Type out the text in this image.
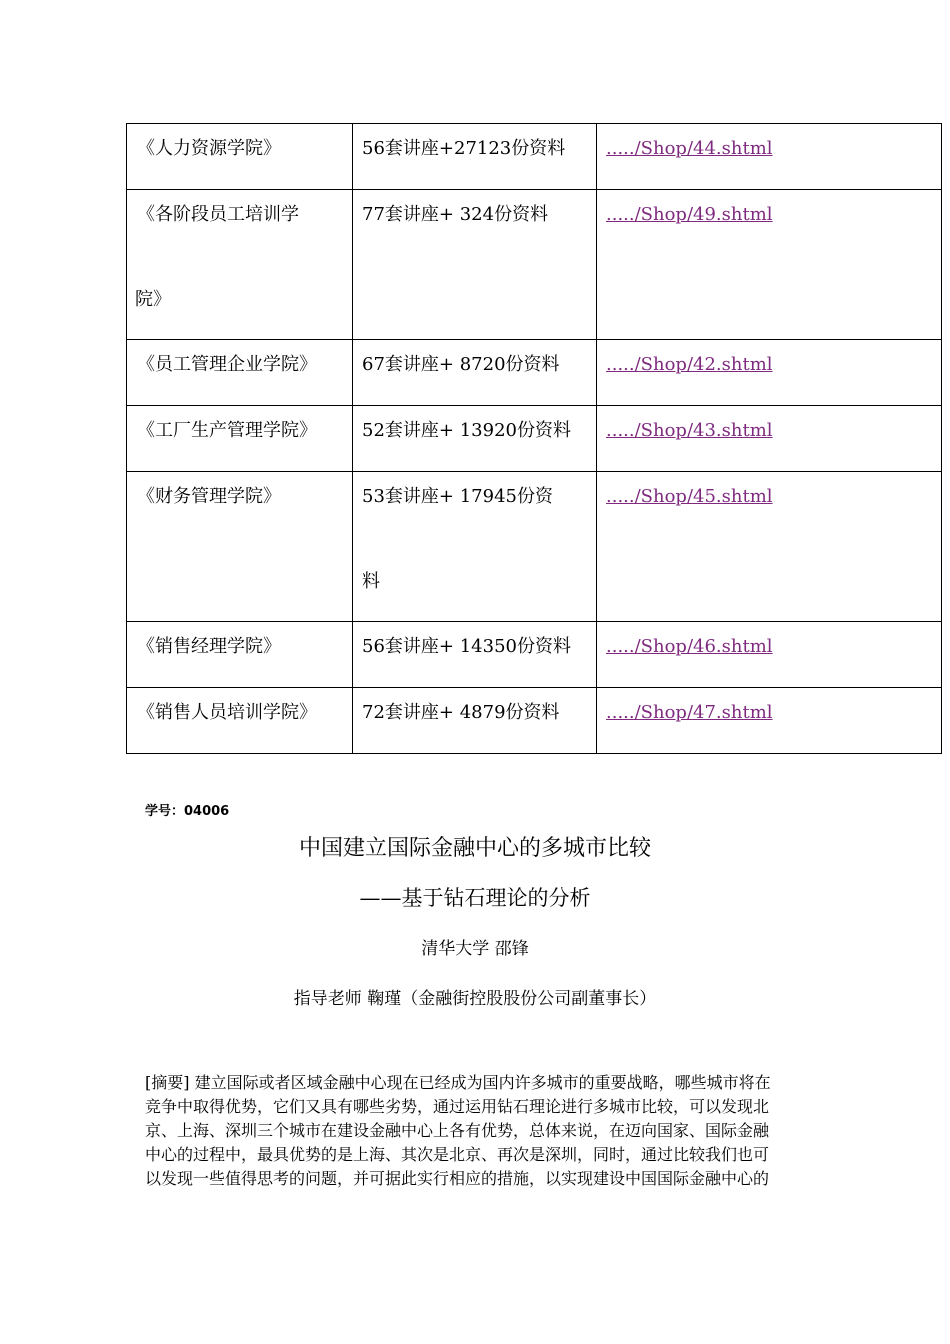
《人力资源学院》	56套讲座+27123份资料	...../Shop/44.shtml
《各阶段员工培训学
院》	77套讲座+ 324份资料	...../Shop/49.shtml
《员工管理企业学院》	67套讲座+ 8720份资料	...../Shop/42.shtml
《工厂生产管理学院》	52套讲座+ 13920份资料	...../Shop/43.shtml
《财务管理学院》	53套讲座+ 17945份资
料	...../Shop/45.shtml
《销售经理学院》	56套讲座+ 14350份资料	...../Shop/46.shtml
《销售人员培训学院》	72套讲座+ 4879份资料	...../Shop/47.shtml
学号：04006
中国建立国际金融中心的多城市比较
——基于钻石理论的分析
清华大学 邵锋
指导老师 鞠瑾（金融街控股股份公司副董事长）
[摘要] 建立国际或者区域金融中心现在已经成为国内许多城市的重要战略，哪些城市将在
竞争中取得优势，它们又具有哪些劣势，通过运用钻石理论进行多城市比较，可以发现北
京、上海、深圳三个城市在建设金融中心上各有优势，总体来说，在迈向国家、国际金融
中心的过程中，最具优势的是上海、其次是北京、再次是深圳，同时，通过比较我们也可
以发现一些值得思考的问题，并可据此实行相应的措施，以实现建设中国国际金融中心的
